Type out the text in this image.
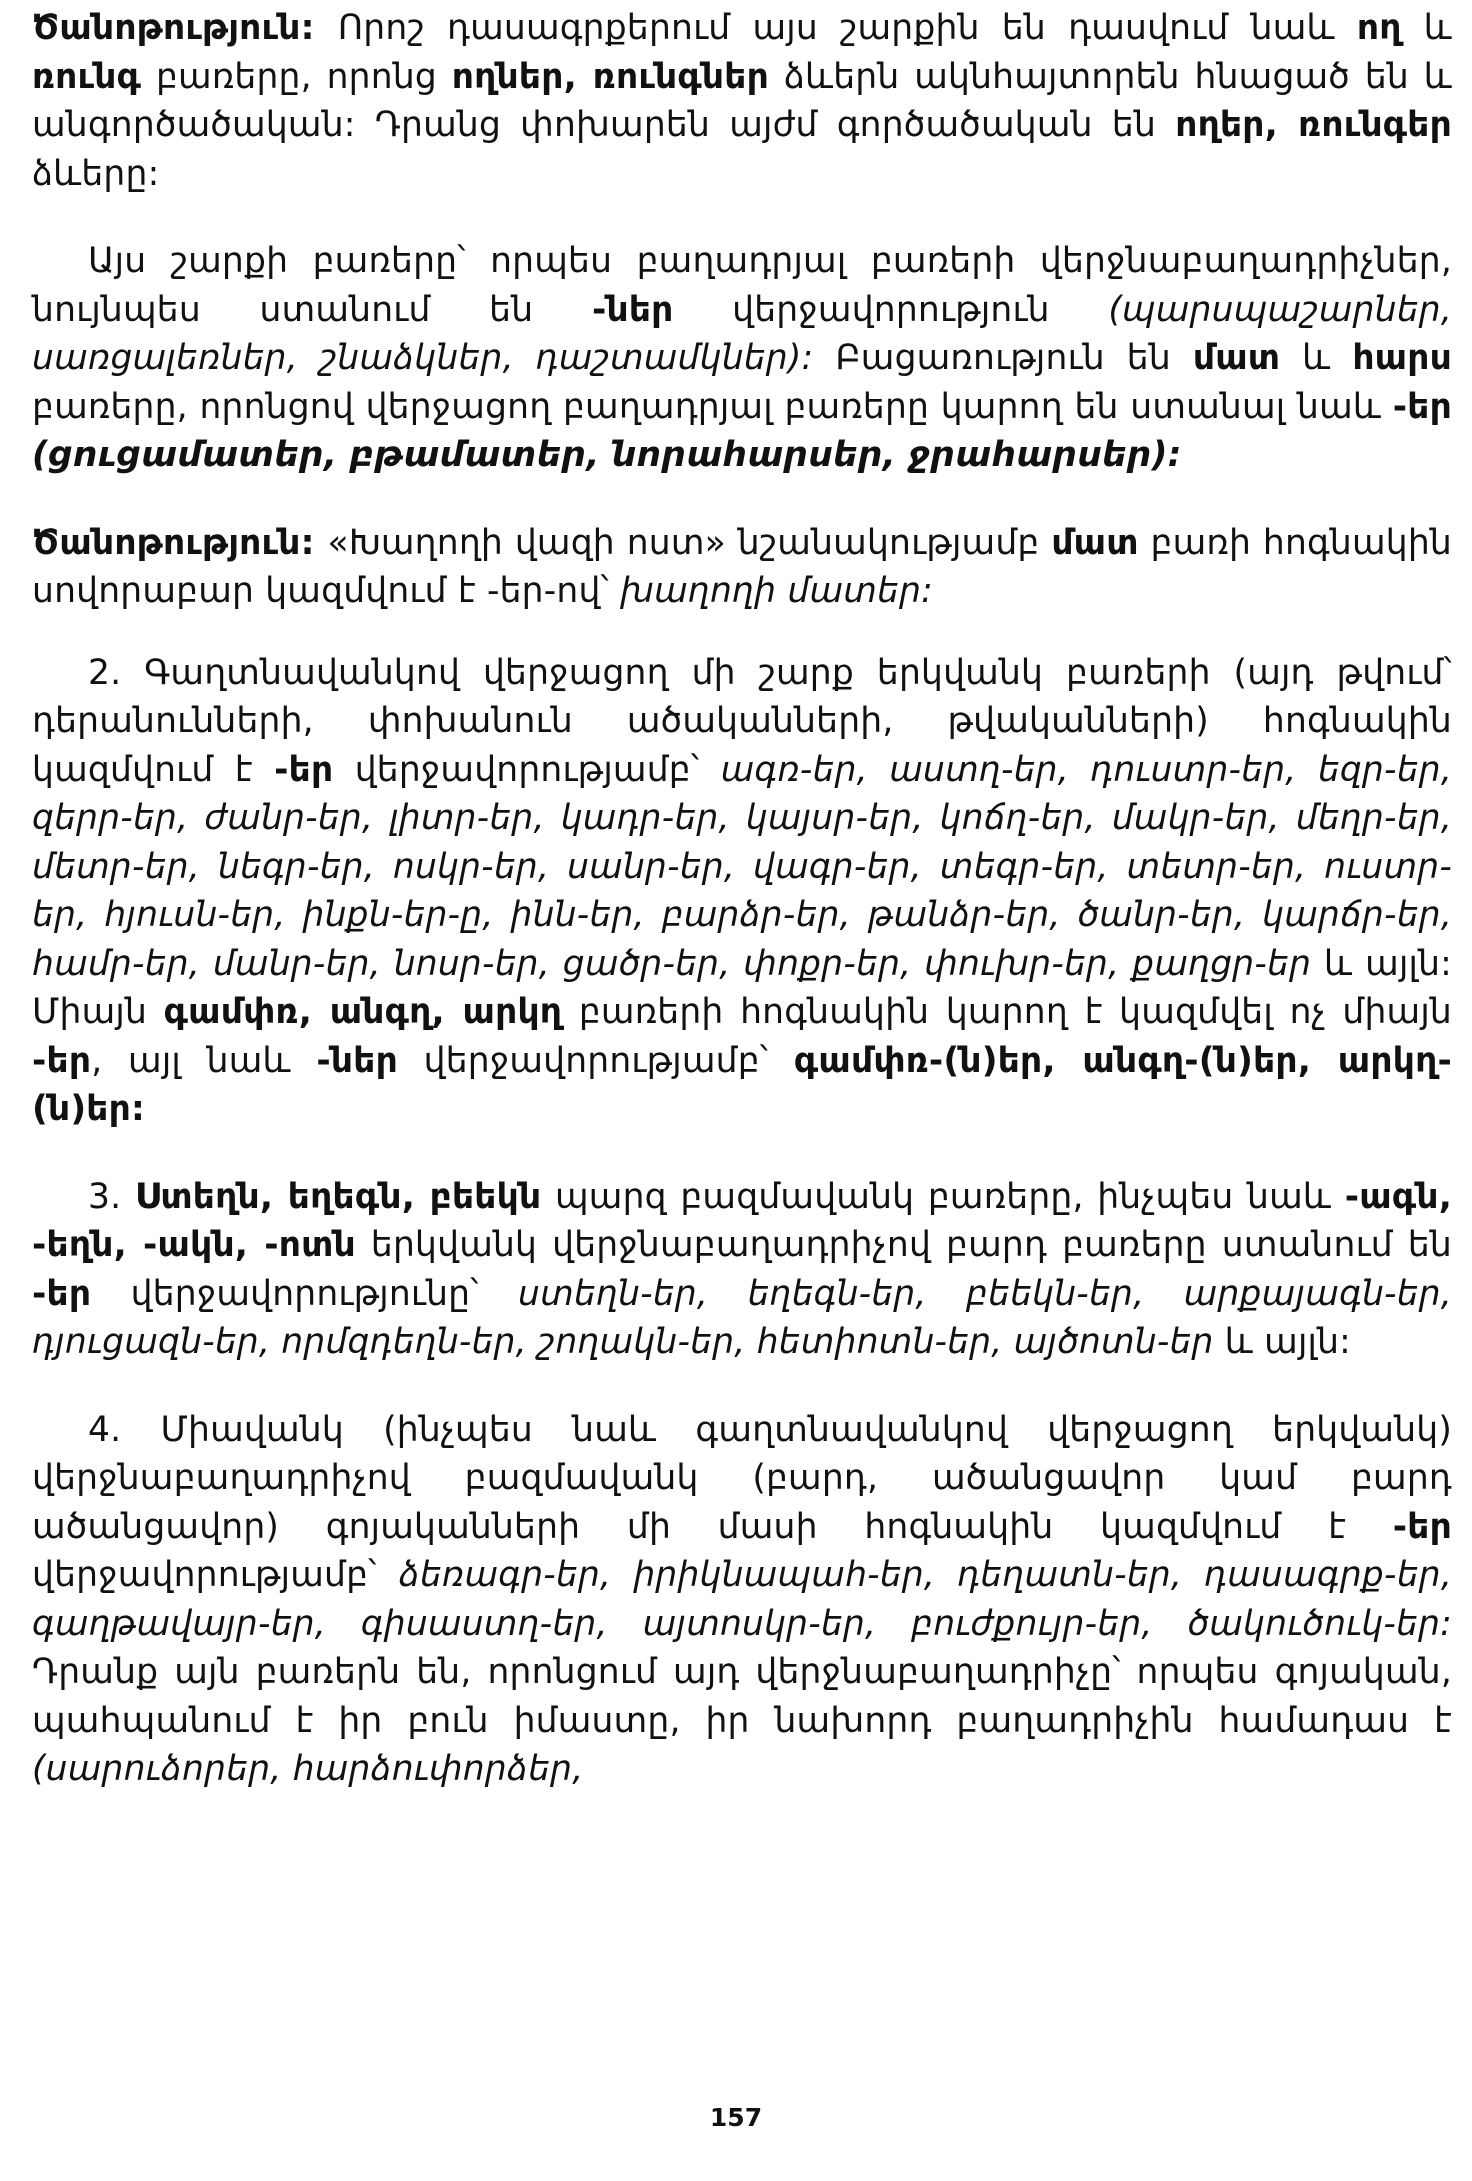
Ծանոթություն: Որոշ դասագրքերում այս շարքին են դասվում նաև ող և ռունգ բառերը, որոնց ողներ, ռունգներ ձևերն ակնհայտորեն հնացած են և անգործածական: Դրանց փոխարեն այժմ գործածական են ողեր, ռունգեր ձևերը:

Այս շարքի բառերը՝ որպես բաղադրյալ բառերի վերջնաբաղադրիչներ, նույնպես ստանում են -ներ վերջավորություն (պարսպաշարներ, սառցալեռներ, շնաձկներ, դաշտամկներ): Բացառություն են մատ և հարս բառերը, որոնցով վերջացող բաղադրյալ բառերը կարող են ստանալ նաև -եր (ցուցամատեր, բթամատեր, նորահարսեր, ջրահարսեր):

Ծանոթություն: «Խաղողի վազի ոստ» նշանակությամբ մատ բառի հոգնակին սովորաբար կազմվում է -եր-ով՝ խաղողի մատեր:

2. Գաղտնավանկով վերջացող մի շարք երկվանկ բառերի (այդ թվում՝ դերանունների, փոխանուն ածականների, թվականների) հոգնակին կազմվում է -եր վերջավորությամբ՝ ագռ-եր, աստղ-եր, դուստր-եր, եզր-եր, զերր-եր, ժանր-եր, լիտր-եր, կադր-եր, կայսր-եր, կոճղ-եր, մակր-եր, մեղր-եր, մետր-եր, նեգր-եր, ոսկր-եր, սանր-եր, վագր-եր, տեգր-եր, տետր-եր, ուստր-եր, հյուսն-եր, ինքն-եր-ը, ինն-եր, բարձր-եր, թանձր-եր, ծանր-եր, կարճր-եր, համր-եր, մանր-եր, նոսր-եր, ցածր-եր, փոքր-եր, փուխր-եր, քաղցր-եր և այլն: Միայն գամփռ, անգղ, արկղ բառերի հոգնակին կարող է կազմվել ոչ միայն -եր, այլ նաև -ներ վերջավորությամբ՝ գամփռ-(ն)եր, անգղ-(ն)եր, արկղ-(ն)եր:

3. Ստեղն, եղեգն, բեեկն պարզ բազմավանկ բառերը, ինչպես նաև -ագն, -եղն, -ակն, -ոտն երկվանկ վերջնաբաղադրիչով բարդ բառերը ստանում են -եր վերջավորությունը՝ ստեղն-եր, եղեգն-եր, բեեկն-եր, արքայագն-եր, դյուցազն-եր, որմզդեղն-եր, շողակն-եր, հետիոտն-եր, այծոտն-եր և այլն:

4. Միավանկ (ինչպես նաև գաղտնավանկով վերջացող երկվանկ) վերջնաբաղադրիչով բազմավանկ (բարդ, ածանցավոր կամ բարդ ածանցավոր) գոյականների մի մասի հոգնակին կազմվում է -եր վերջավորությամբ՝ ձեռագր-եր, իրիկնապահ-եր, դեղատն-եր, դասագրք-եր, գաղթավայր-եր, գիսաստղ-եր, այտոսկր-եր, բուժքույր-եր, ծակուծուկ-եր: Դրանք այն բառերն են, որոնցում այդ վերջնաբաղադրիչը՝ որպես գոյական, պահպանում է իր բուն իմաստը, իր նախորդ բաղադրիչին համադաս է (սարուձորեր, հարձուփորձեր,

157
